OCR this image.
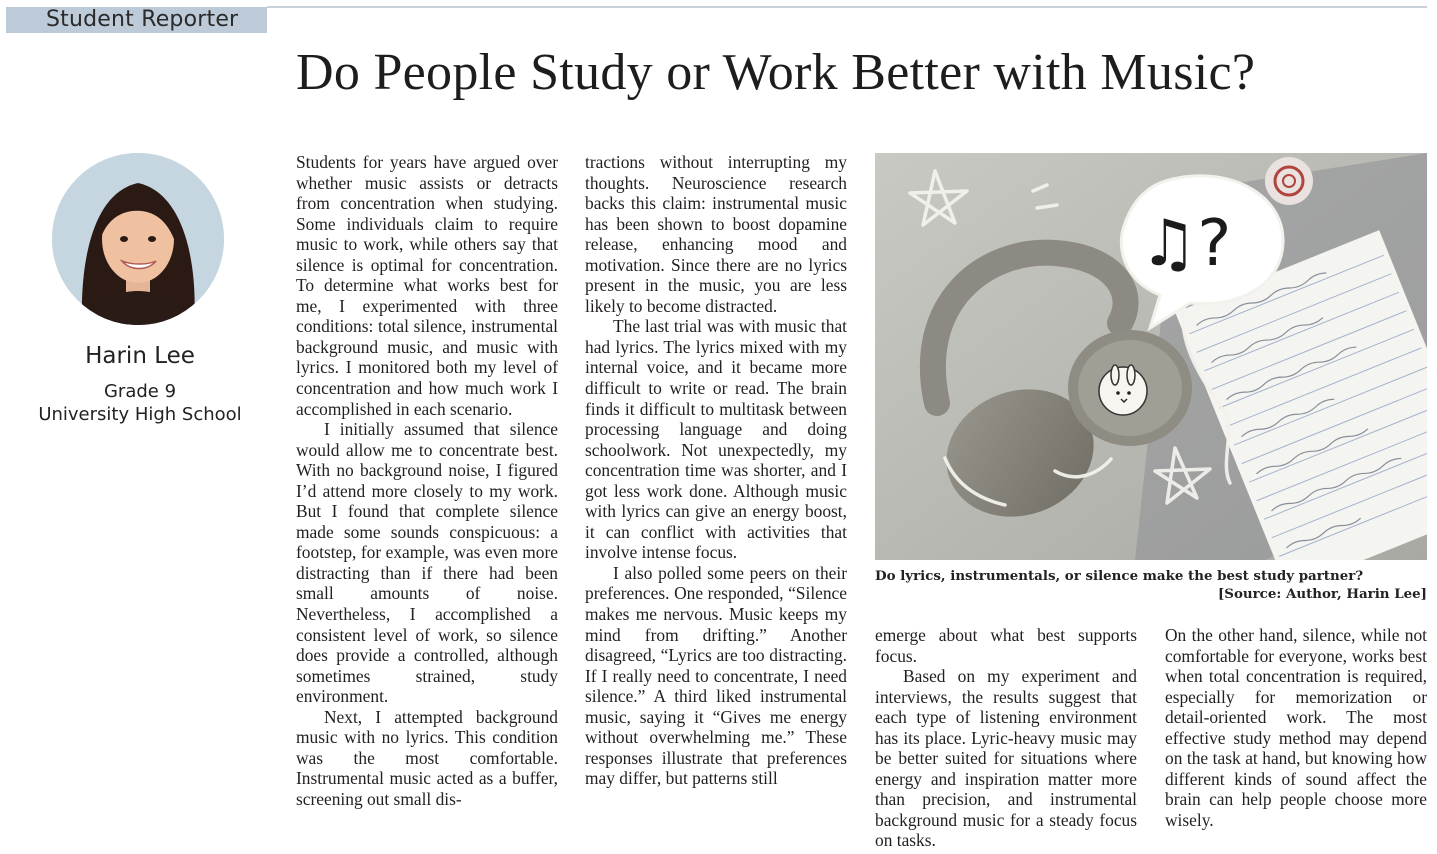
Student Reporter
Do People Study or Work Better with Music?
Harin Lee
Grade 9
University High School

Students for years have argued over whether music assists or detracts from concentration when studying. Some individuals claim to require music to work, while others say that silence is optimal for concentration. To determine what works best for me, I experimented with three conditions: total silence, instrumental background music, and music with lyrics. I monitored both my level of concentration and how much work I accomplished in each scenario.

I initially assumed that silence would allow me to concentrate best. With no background noise, I figured I’d attend more closely to my work. But I found that complete silence made some sounds conspicuous: a footstep, for example, was even more distracting than if there had been small amounts of noise. Nevertheless, I accomplished a consistent level of work, so silence does provide a controlled, although sometimes strained, study environment.

Next, I attempted background music with no lyrics. This condition was the most comfortable. Instrumental music acted as a buffer, screening out small dis-

tractions without interrupting my thoughts. Neuroscience research backs this claim: instrumental music has been shown to boost dopamine release, enhancing mood and motivation. Since there are no lyrics present in the music, you are less likely to become distracted.

The last trial was with music that had lyrics. The lyrics mixed with my internal voice, and it became more difficult to write or read. The brain finds it difficult to multitask between processing language and doing schoolwork. Not unexpectedly, my concentration time was shorter, and I got less work done. Although music with lyrics can give an energy boost, it can conflict with activities that involve intense focus.

I also polled some peers on their preferences. One responded, “Silence makes me nervous. Music keeps my mind from drifting.” Another disagreed, “Lyrics are too distracting. If I really need to concentrate, I need silence.” A third liked instrumental music, saying it “Gives me energy without overwhelming me.” These responses illustrate that preferences may differ, but patterns still

♫?
Do lyrics, instrumentals, or silence make the best study partner?
[Source: Author, Harin Lee]

emerge about what best supports focus.

Based on my experiment and interviews, the results suggest that each type of listening environment has its place. Lyric-heavy music may be better suited for situations where energy and inspiration matter more than precision, and instrumental background music for a steady focus on tasks.

On the other hand, silence, while not comfortable for everyone, works best when total concentration is required, especially for memorization or detail-oriented work. The most effective study method may depend on the task at hand, but knowing how different kinds of sound affect the brain can help people choose more wisely.
